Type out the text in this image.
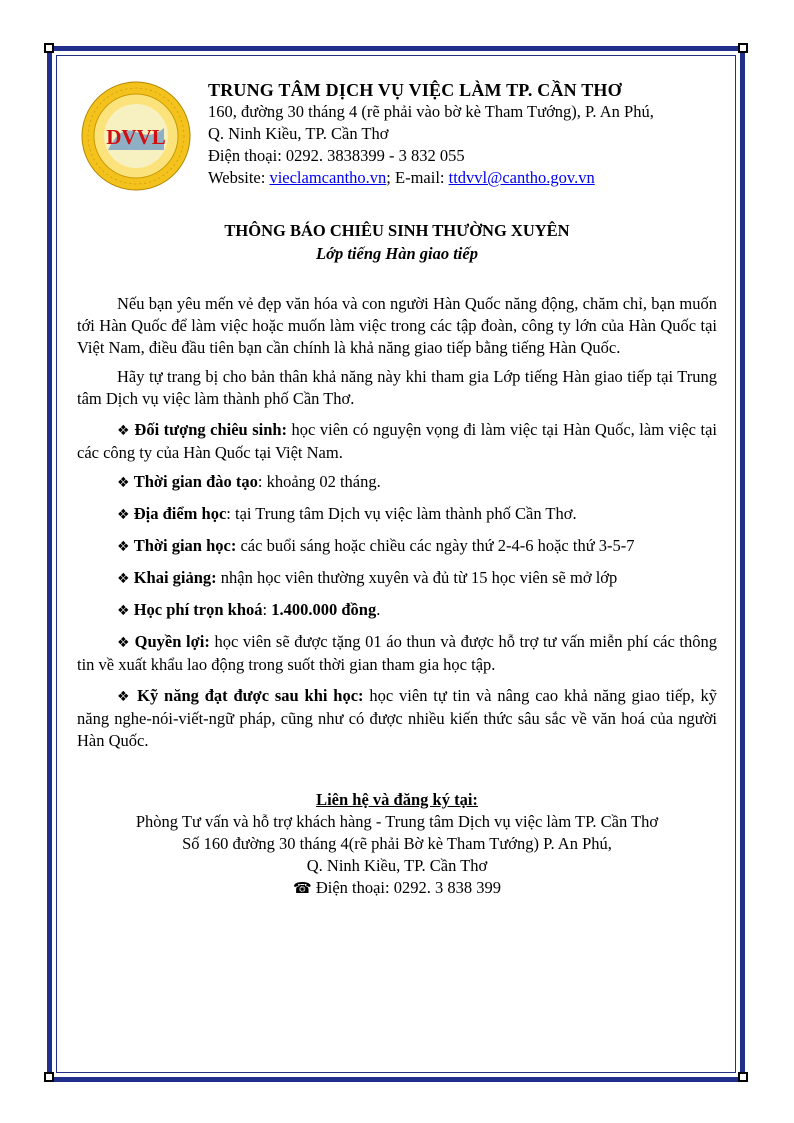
DVVL
TRUNG TÂM DỊCH VỤ VIỆC LÀM TP. CẦN THƠ
160, đường 30 tháng 4 (rẽ phải vào bờ kè Tham Tướng), P. An Phú,
Q. Ninh Kiều, TP. Cần Thơ
Điện thoại: 0292. 3838399 - 3 832 055
Website: vieclamcantho.vn; E-mail: ttdvvl@cantho.gov.vn
THÔNG BÁO CHIÊU SINH THƯỜNG XUYÊN
Lớp tiếng Hàn giao tiếp

Nếu bạn yêu mến vẻ đẹp văn hóa và con người Hàn Quốc năng động, chăm chỉ, bạn muốn tới Hàn Quốc để làm việc hoặc muốn làm việc trong các tập đoàn, công ty lớn của Hàn Quốc tại Việt Nam, điều đầu tiên bạn cần chính là khả năng giao tiếp bằng tiếng Hàn Quốc.

Hãy tự trang bị cho bản thân khả năng này khi tham gia Lớp tiếng Hàn giao tiếp tại Trung tâm Dịch vụ việc làm thành phố Cần Thơ.

❖ Đối tượng chiêu sinh: học viên có nguyện vọng đi làm việc tại Hàn Quốc, làm việc tại các công ty của Hàn Quốc tại Việt Nam.

❖ Thời gian đào tạo: khoảng 02 tháng.

❖ Địa điểm học: tại Trung tâm Dịch vụ việc làm thành phố Cần Thơ.

❖ Thời gian học: các buổi sáng hoặc chiều các ngày thứ 2-4-6 hoặc thứ 3-5-7

❖ Khai giảng: nhận học viên thường xuyên và đủ từ 15 học viên sẽ mở lớp

❖ Học phí trọn khoá: 1.400.000 đồng.

❖ Quyền lợi: học viên sẽ được tặng 01 áo thun và được hỗ trợ tư vấn miễn phí các thông tin về xuất khẩu lao động trong suốt thời gian tham gia học tập.

❖ Kỹ năng đạt được sau khi học: học viên tự tin và nâng cao khả năng giao tiếp, kỹ năng nghe-nói-viết-ngữ pháp, cũng như có được nhiều kiến thức sâu sắc về văn hoá của người Hàn Quốc.

Liên hệ và đăng ký tại:
Phòng Tư vấn và hỗ trợ khách hàng - Trung tâm Dịch vụ việc làm TP. Cần Thơ
Số 160 đường 30 tháng 4(rẽ phải Bờ kè Tham Tướng) P. An Phú,
Q. Ninh Kiều, TP. Cần Thơ
☎ Điện thoại: 0292. 3 838 399
